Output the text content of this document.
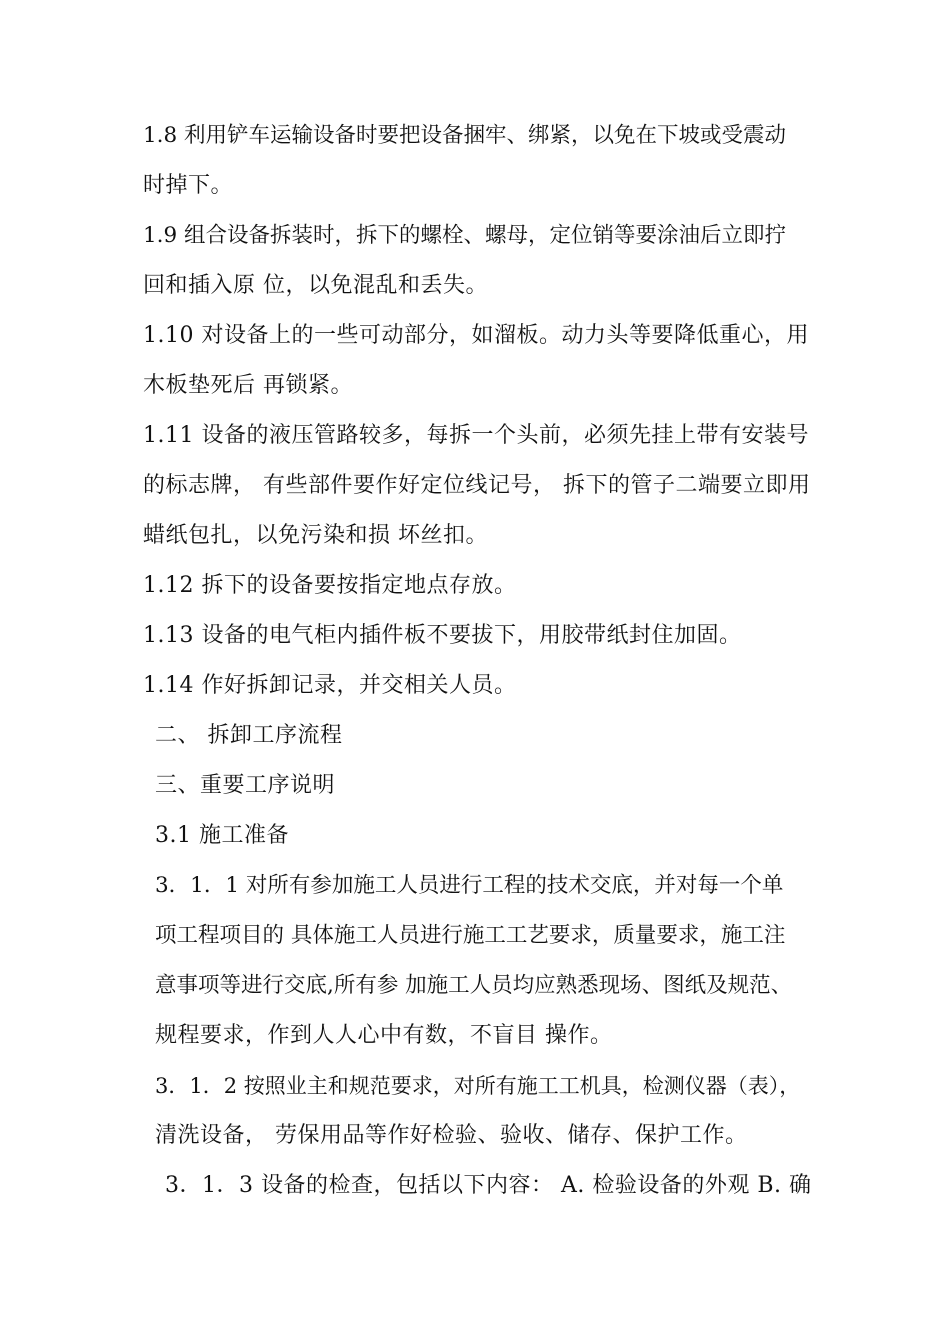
1.8 利用铲车运输设备时要把设备捆牢、绑紧，以免在下坡或受震动
时掉下。
1.9 组合设备拆装时，拆下的螺栓、螺母，定位销等要涂油后立即拧
回和插入原 位，以免混乱和丢失。
1.10 对设备上的一些可动部分，如溜板。动力头等要降低重心，用
木板垫死后 再锁紧。
1.11 设备的液压管路较多，每拆一个头前，必须先挂上带有安装号
的标志牌， 有些部件要作好定位线记号， 拆下的管子二端要立即用
蜡纸包扎，以免污染和损 坏丝扣。
1.12 拆下的设备要按指定地点存放。
1.13 设备的电气柜内插件板不要拔下，用胶带纸封住加固。
1.14 作好拆卸记录，并交相关人员。
二、 拆卸工序流程
三、重要工序说明
3.1 施工准备
3．1．1 对所有参加施工人员进行工程的技术交底，并对每一个单
项工程项目的 具体施工人员进行施工工艺要求，质量要求，施工注
意事项等进行交底,所有参 加施工人员均应熟悉现场、图纸及规范、
规程要求，作到人人心中有数，不盲目 操作。
3．1．2 按照业主和规范要求，对所有施工工机具，检测仪器（表），
清洗设备， 劳保用品等作好检验、验收、储存、保护工作。
3．1．3 设备的检查，包括以下内容： A. 检验设备的外观 B. 确
